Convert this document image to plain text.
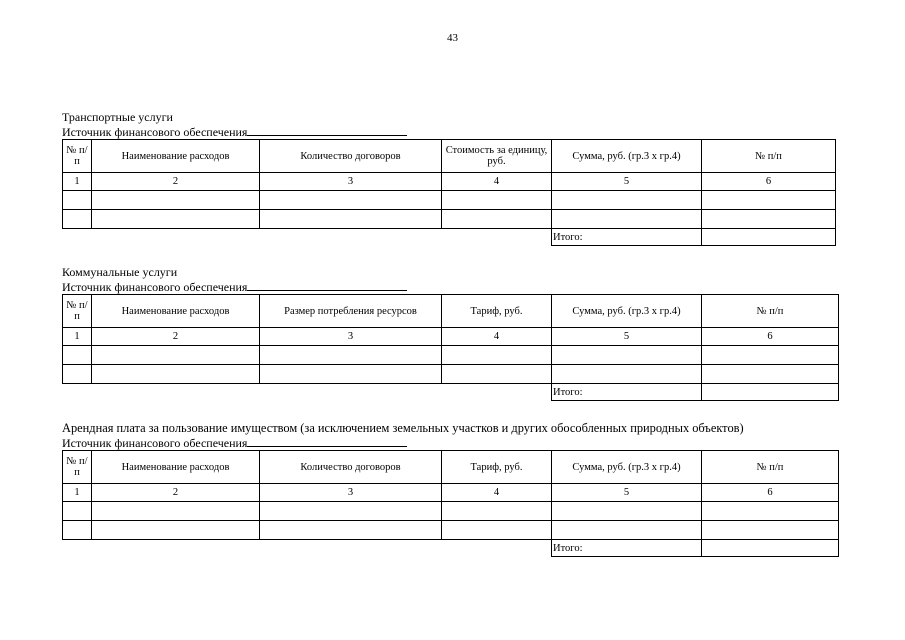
43
Транспортные услуги
Источник финансового обеспечения
№ п/п	Наименование расходов	Количество договоров	Стоимость за единицу, руб.	Сумма, руб. (гр.3 х гр.4)	№ п/п
1	2	3	4	5	6

				Итого:	
Коммунальные услуги
Источник финансового обеспечения
№ п/п	Наименование расходов	Размер потребления ресурсов	Тариф, руб.	Сумма, руб. (гр.3 х гр.4)	№ п/п
1	2	3	4	5	6

				Итого:	
Арендная плата за пользование имуществом (за исключением земельных участков и других обособленных природных объектов)
Источник финансового обеспечения
№ п/п	Наименование расходов	Количество договоров	Тариф, руб.	Сумма, руб. (гр.3 х гр.4)	№ п/п
1	2	3	4	5	6

				Итого:	
